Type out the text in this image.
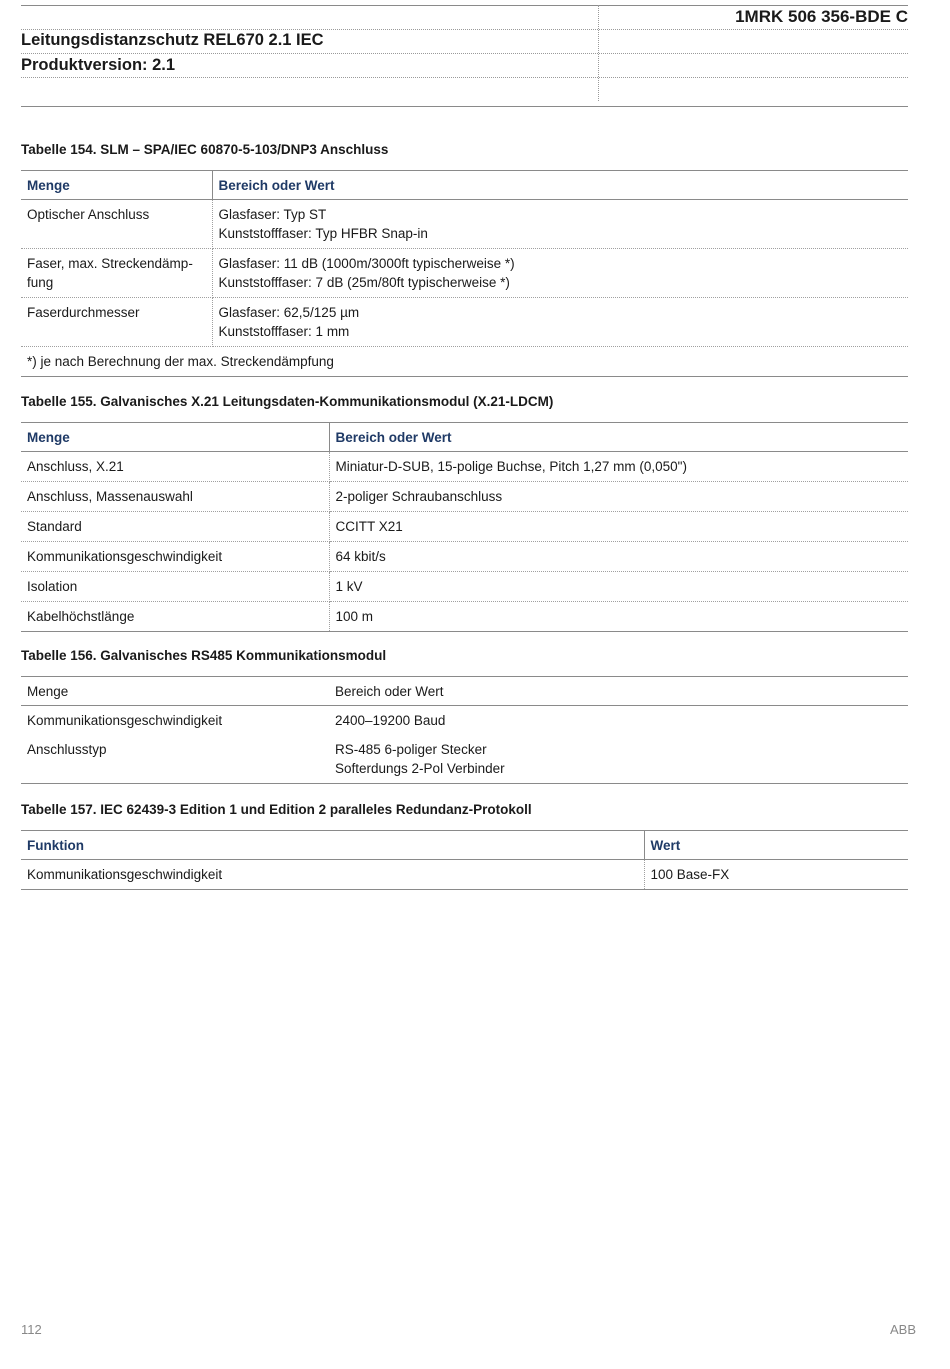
1MRK 506 356-BDE C
Leitungsdistanzschutz REL670 2.1 IEC
Produktversion: 2.1
Tabelle 154. SLM – SPA/IEC 60870-5-103/DNP3 Anschluss
Menge	Bereich oder Wert

Optischer Anschluss	Glasfaser: Typ ST
Kunststofffaser: Typ HFBR Snap-in

Faser, max. Streckendämp-
fung	Glasfaser: 11 dB (1000m/3000ft typischerweise *)
Kunststofffaser: 7 dB (25m/80ft typischerweise *)

Faserdurchmesser	Glasfaser: 62,5/125 µm
Kunststofffaser: 1 mm

*) je nach Berechnung der max. Streckendämpfung	
Tabelle 155. Galvanisches X.21 Leitungsdaten-Kommunikationsmodul (X.21-LDCM)
Menge	Bereich oder Wert
Anschluss, X.21	Miniatur-D-SUB, 15-polige Buchse, Pitch 1,27 mm (0,050")
Anschluss, Massenauswahl	2-poliger Schraubanschluss
Standard	CCITT X21
Kommunikationsgeschwindigkeit	64 kbit/s
Isolation	1 kV
Kabelhöchstlänge	100 m
Tabelle 156. Galvanisches RS485 Kommunikationsmodul
Menge	Bereich oder Wert

Kommunikationsgeschwindigkeit	2400–19200 Baud

Anschlusstyp	RS-485 6-poliger Stecker
Softerdungs 2-Pol Verbinder
Tabelle 157. IEC 62439-3 Edition 1 und Edition 2 paralleles Redundanz-Protokoll
Funktion	Wert
Kommunikationsgeschwindigkeit	100 Base-FX
112	ABB
